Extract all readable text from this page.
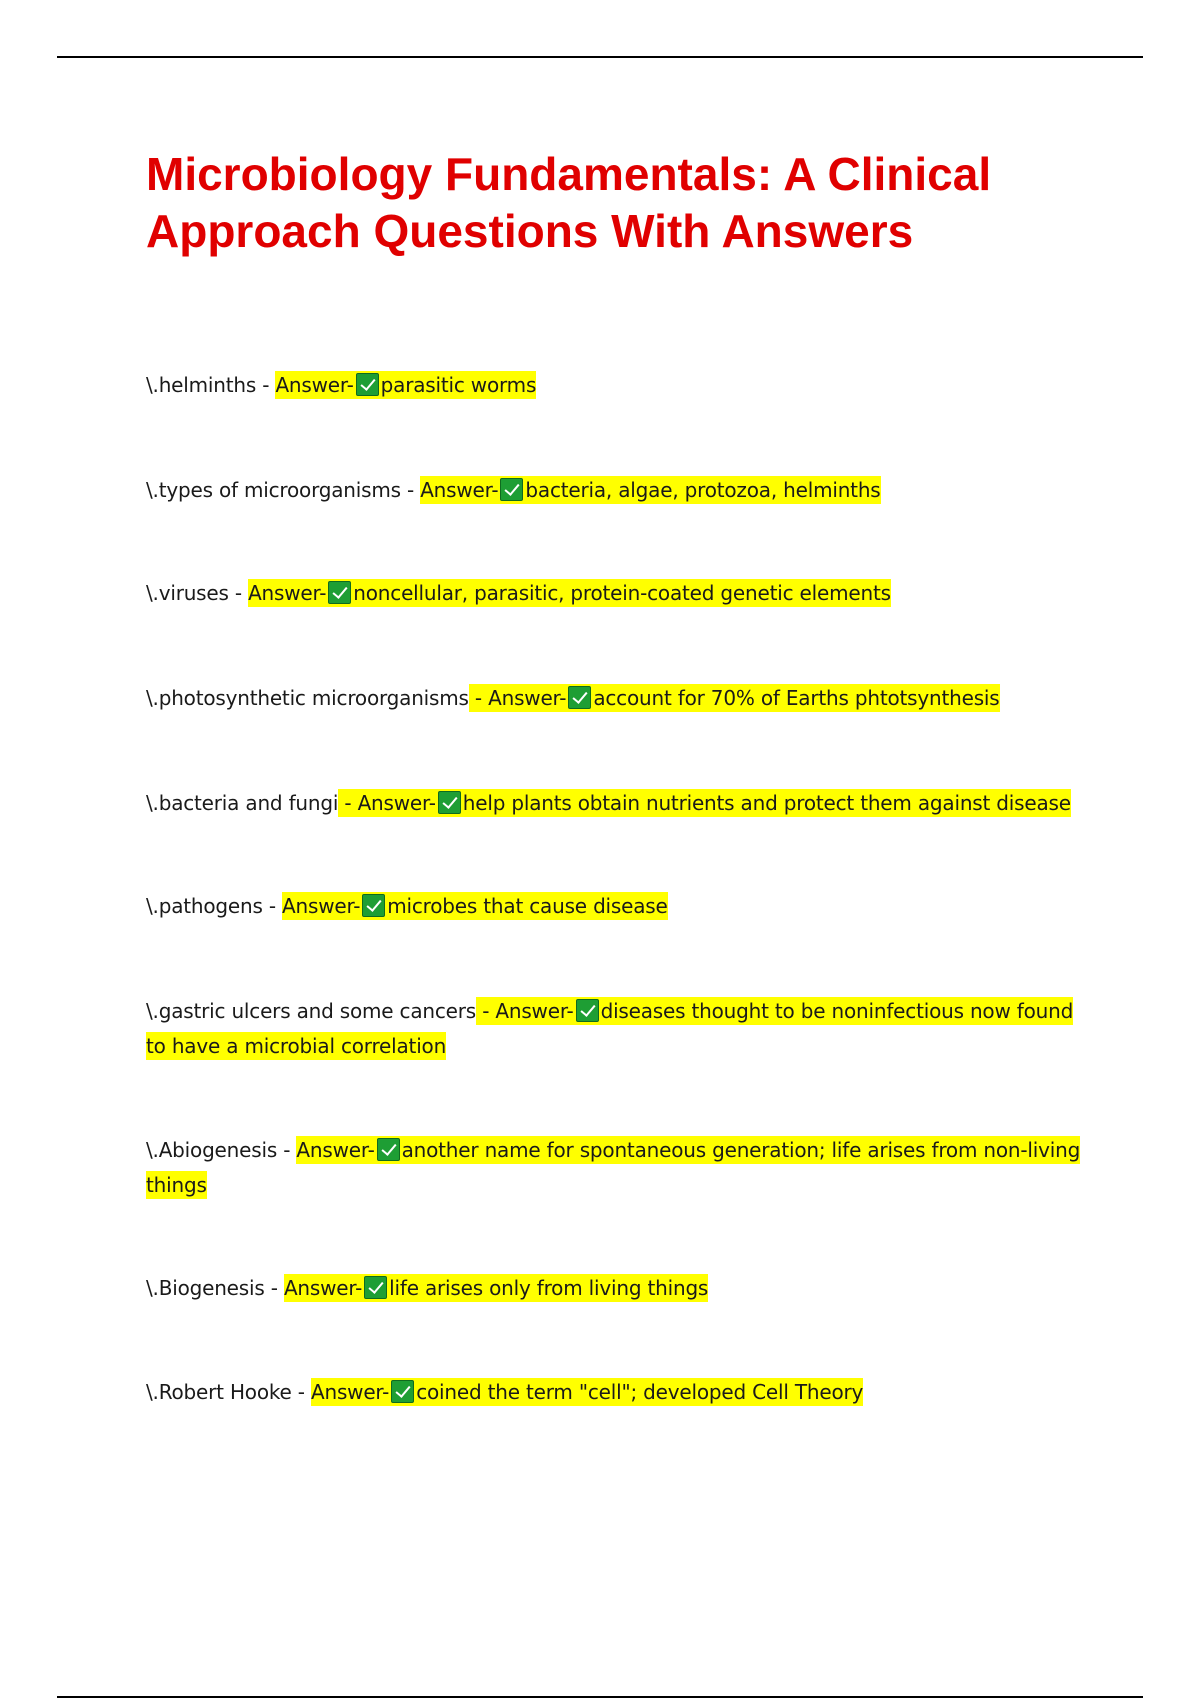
Microbiology Fundamentals: A Clinical Approach Questions With Answers
\.helminths - Answer- parasitic worms
\.types of microorganisms - Answer- bacteria, algae, protozoa, helminths
\.viruses - Answer- noncellular, parasitic, protein-coated genetic elements
\.photosynthetic microorganisms - Answer- account for 70% of Earths phtotsynthesis
\.bacteria and fungi - Answer- help plants obtain nutrients and protect them against disease
\.pathogens - Answer- microbes that cause disease
\.gastric ulcers and some cancers - Answer- diseases thought to be noninfectious now found to have a microbial correlation
\.Abiogenesis - Answer- another name for spontaneous generation; life arises from non-living things
\.Biogenesis - Answer- life arises only from living things
\.Robert Hooke - Answer- coined the term "cell"; developed Cell Theory
